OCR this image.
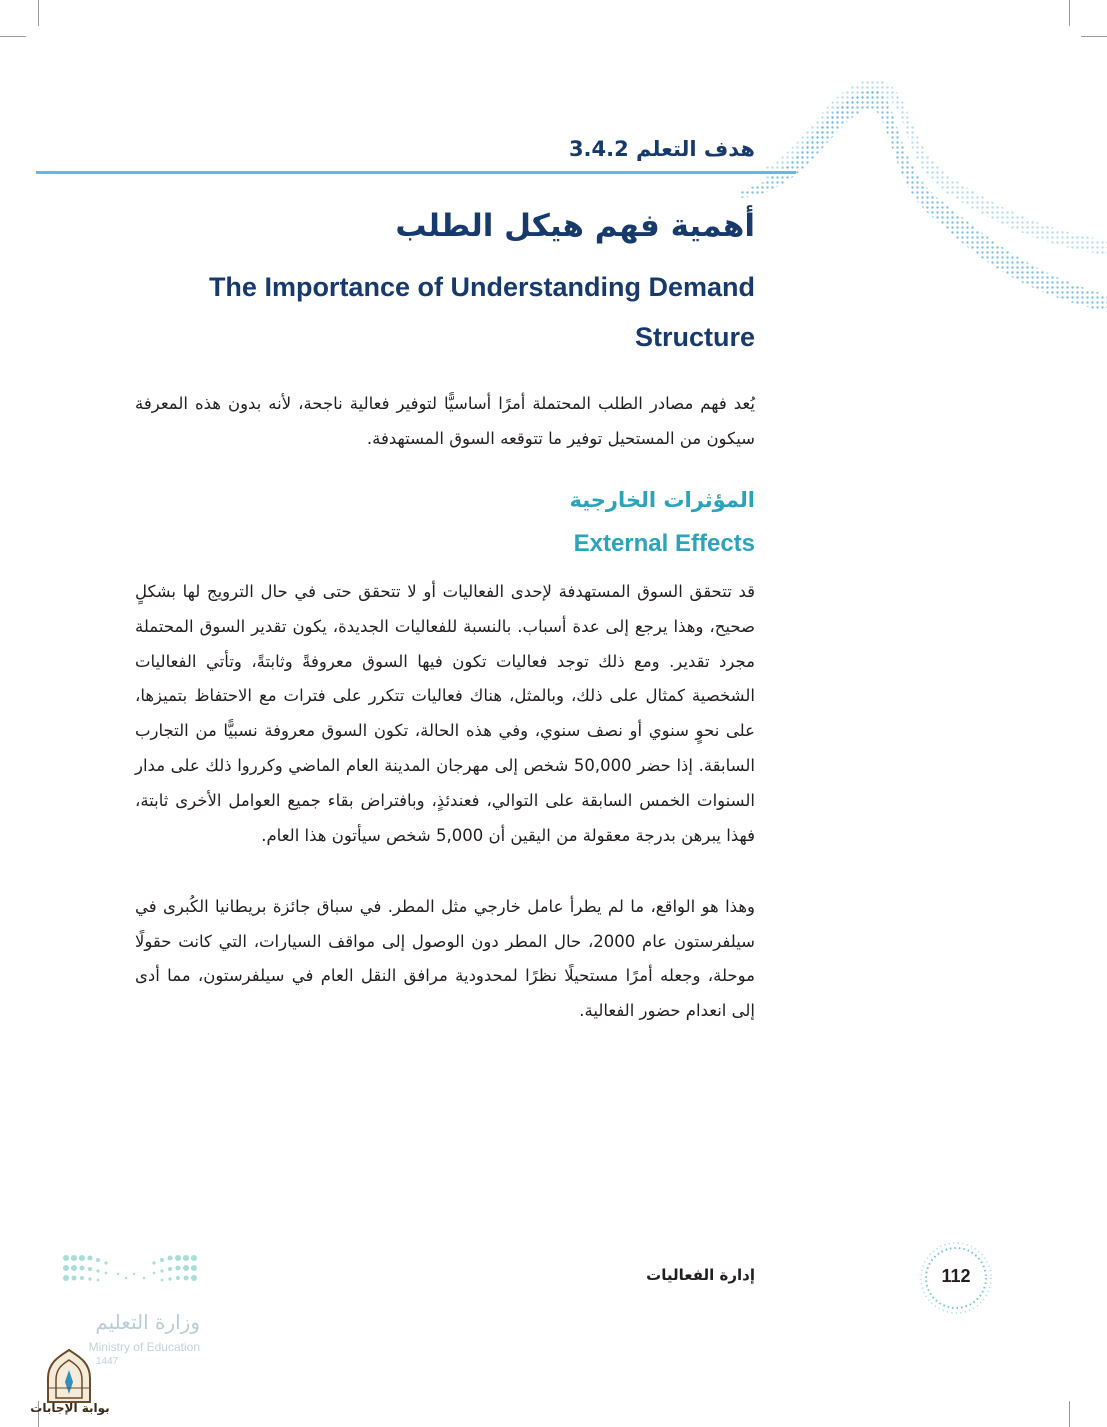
هدف التعلم 3.4.2
أهمية فهم هيكل الطلب
The Importance of Understanding Demand Structure
يُعد فهم مصادر الطلب المحتملة أمرًا أساسيًّا لتوفير فعالية ناجحة، لأنه بدون هذه المعرفة سيكون من المستحيل توفير ما تتوقعه السوق المستهدفة.
المؤثرات الخارجية
External Effects
قد تتحقق السوق المستهدفة لإحدى الفعاليات أو لا تتحقق حتى في حال الترويج لها بشكلٍ صحيح، وهذا يرجع إلى عدة أسباب. بالنسبة للفعاليات الجديدة، يكون تقدير السوق المحتملة مجرد تقدير. ومع ذلك توجد فعاليات تكون فيها السوق معروفةً وثابتةً، وتأتي الفعاليات الشخصية كمثال على ذلك، وبالمثل، هناك فعاليات تتكرر على فترات مع الاحتفاظ بتميزها، على نحوٍ سنوي أو نصف سنوي، وفي هذه الحالة، تكون السوق معروفة نسبيًّا من التجارب السابقة. إذا حضر 50,000 شخص إلى مهرجان المدينة العام الماضي وكرروا ذلك على مدار السنوات الخمس السابقة على التوالي، فعندئذٍ، وبافتراض بقاء جميع العوامل الأخرى ثابتة، فهذا يبرهن بدرجة معقولة من اليقين أن 5,000 شخص سيأتون هذا العام.
وهذا هو الواقع، ما لم يطرأ عامل خارجي مثل المطر. في سباق جائزة بريطانيا الكُبرى في سيلفرستون عام 2000، حال المطر دون الوصول إلى مواقف السيارات، التي كانت حقولًا موحلة، وجعله أمرًا مستحيلًا نظرًا لمحدودية مرافق النقل العام في سيلفرستون، مما أدى إلى انعدام حضور الفعالية.
إدارة الفعاليات	112
وزارة التعليم
Ministry of Education
1447
بوابة الإجابات
